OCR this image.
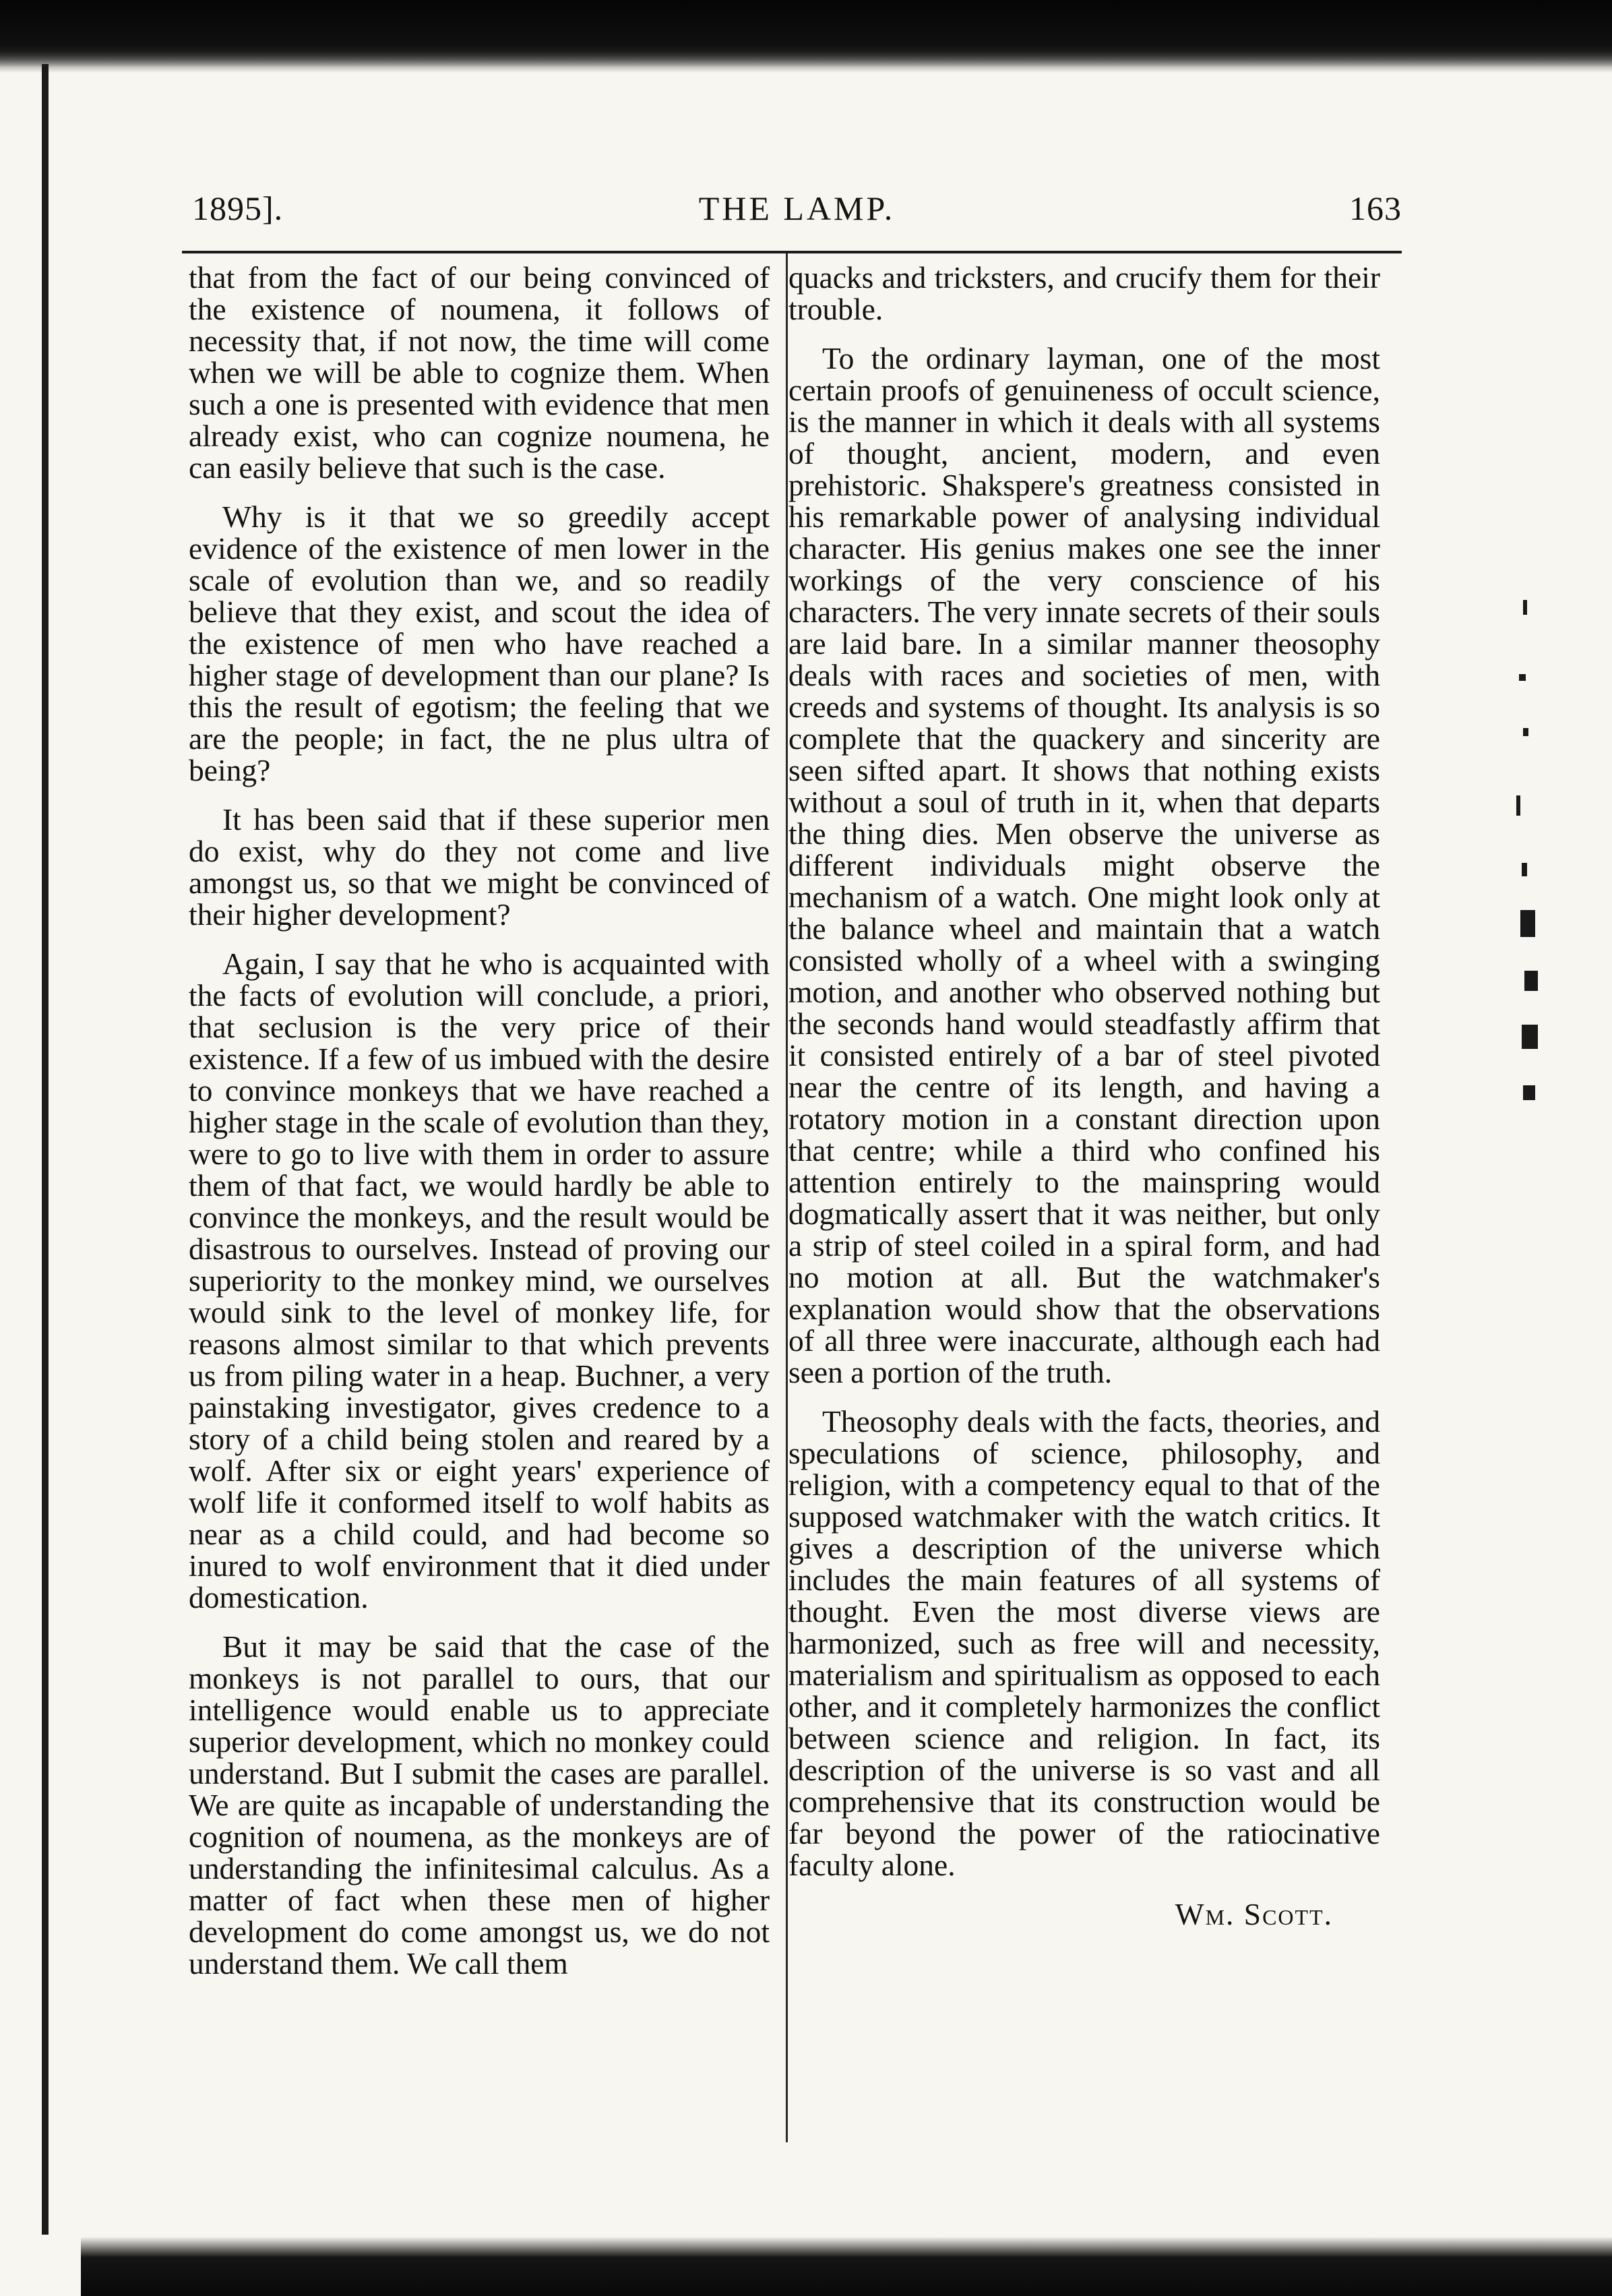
THE LAMP.
1895].	163

that from the fact of our being convinced of the existence of noumena, it follows of necessity that, if not now, the time will come when we will be able to cognize them. When such a one is presented with evidence that men already exist, who can cognize noumena, he can easily believe that such is the case.

Why is it that we so greedily accept evidence of the existence of men lower in the scale of evolution than we, and so readily believe that they exist, and scout the idea of the existence of men who have reached a higher stage of development than our plane? Is this the result of egotism; the feeling that we are the people; in fact, the ne plus ultra of being?

It has been said that if these superior men do exist, why do they not come and live amongst us, so that we might be convinced of their higher development?

Again, I say that he who is acquainted with the facts of evolution will conclude, a priori, that seclusion is the very price of their existence. If a few of us imbued with the desire to convince monkeys that we have reached a higher stage in the scale of evolution than they, were to go to live with them in order to assure them of that fact, we would hardly be able to convince the monkeys, and the result would be disastrous to ourselves. Instead of proving our superiority to the monkey mind, we ourselves would sink to the level of monkey life, for reasons almost similar to that which prevents us from piling water in a heap. Buchner, a very painstaking investigator, gives credence to a story of a child being stolen and reared by a wolf. After six or eight years' experience of wolf life it conformed itself to wolf habits as near as a child could, and had become so inured to wolf environment that it died under domestication.

But it may be said that the case of the monkeys is not parallel to ours, that our intelligence would enable us to appreciate superior development, which no monkey could understand. But I submit the cases are parallel. We are quite as incapable of understanding the cognition of noumena, as the monkeys are of understanding the infinitesimal calculus. As a matter of fact when these men of higher development do come amongst us, we do not understand them. We call them

quacks and tricksters, and crucify them for their trouble.

To the ordinary layman, one of the most certain proofs of genuineness of occult science, is the manner in which it deals with all systems of thought, ancient, modern, and even prehistoric. Shakspere's greatness consisted in his remarkable power of analysing individual character. His genius makes one see the inner workings of the very conscience of his characters. The very innate secrets of their souls are laid bare. In a similar manner theosophy deals with races and societies of men, with creeds and systems of thought. Its analysis is so complete that the quackery and sincerity are seen sifted apart. It shows that nothing exists without a soul of truth in it, when that departs the thing dies. Men observe the universe as different individuals might observe the mechanism of a watch. One might look only at the balance wheel and maintain that a watch consisted wholly of a wheel with a swinging motion, and another who observed nothing but the seconds hand would steadfastly affirm that it consisted entirely of a bar of steel pivoted near the centre of its length, and having a rotatory motion in a constant direction upon that centre; while a third who confined his attention entirely to the mainspring would dogmatically assert that it was neither, but only a strip of steel coiled in a spiral form, and had no motion at all. But the watchmaker's explanation would show that the observations of all three were inaccurate, although each had seen a portion of the truth.

Theosophy deals with the facts, theories, and speculations of science, philosophy, and religion, with a competency equal to that of the supposed watchmaker with the watch critics. It gives a description of the universe which includes the main features of all systems of thought. Even the most diverse views are harmonized, such as free will and necessity, materialism and spiritualism as opposed to each other, and it completely harmonizes the conflict between science and religion. In fact, its description of the universe is so vast and all comprehensive that its construction would be far beyond the power of the ratiocinative faculty alone.

Wm. Scott.
